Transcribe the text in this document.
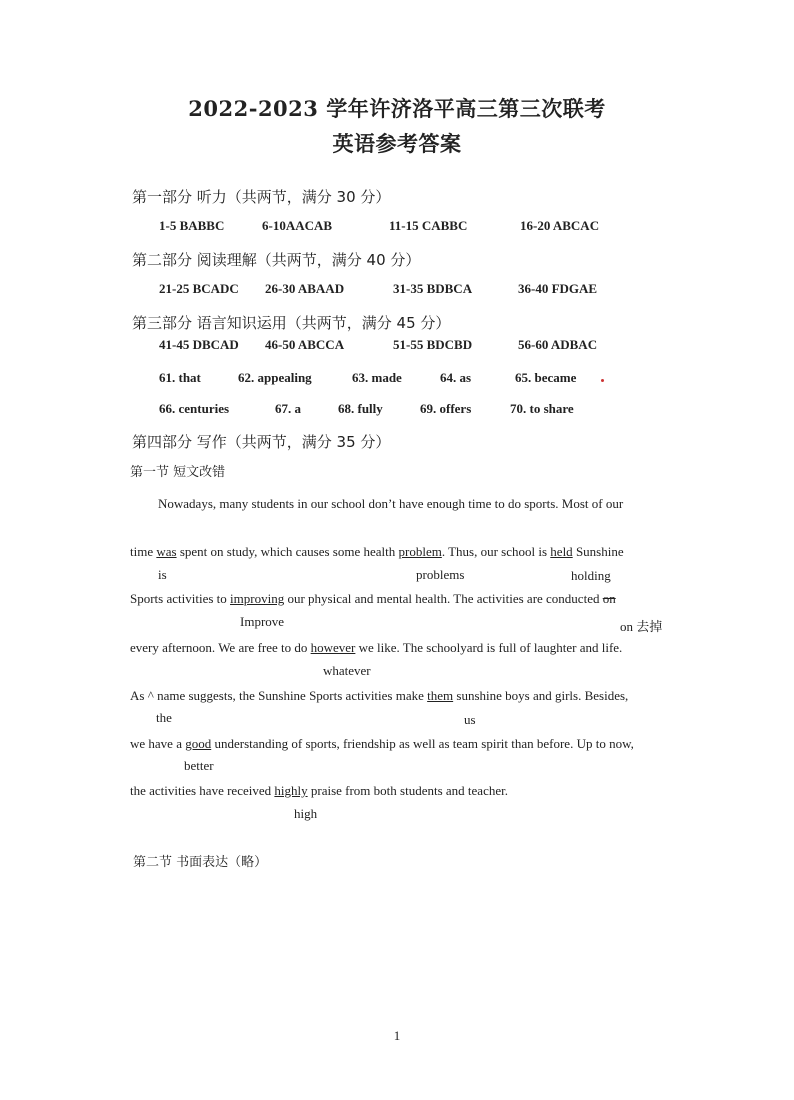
2022-2023 学年许济洛平高三第三次联考
英语参考答案
第一部分 听力（共两节，满分 30 分）
1-5 BABBC	6-10AACAB	11-15 CABBC	16-20 ABCAC
第二部分 阅读理解（共两节，满分 40 分）
21-25 BCADC 26-30 ABAAD	31-35 BDBCA	36-40 FDGAE
第三部分 语言知识运用（共两节，满分 45 分）
41-45 DBCAD 46-50 ABCCA	51-55 BDCBD	56-60 ADBAC
61. that	62. appealing	63. made	64. as	65. became
66. centuries	67. a	68. fully	69. offers	70. to share
第四部分 写作（共两节，满分 35 分）
第一节 短文改错
Nowadays, many students in our school don’t have enough time to do sports. Most of our
time was spent on study, which causes some health problem. Thus, our school is held Sunshine
is	problems	holding
Sports activities to improving our physical and mental health. The activities are conducted on
Improve	on 去掉
every afternoon. We are free to do however we like. The schoolyard is full of laughter and life.
whatever
As ^ name suggests, the Sunshine Sports activities make them sunshine boys and girls. Besides,
the	us
we have a good understanding of sports, friendship as well as team spirit than before. Up to now,
better
the activities have received highly praise from both students and teacher.
high
第二节 书面表达（略）
1
